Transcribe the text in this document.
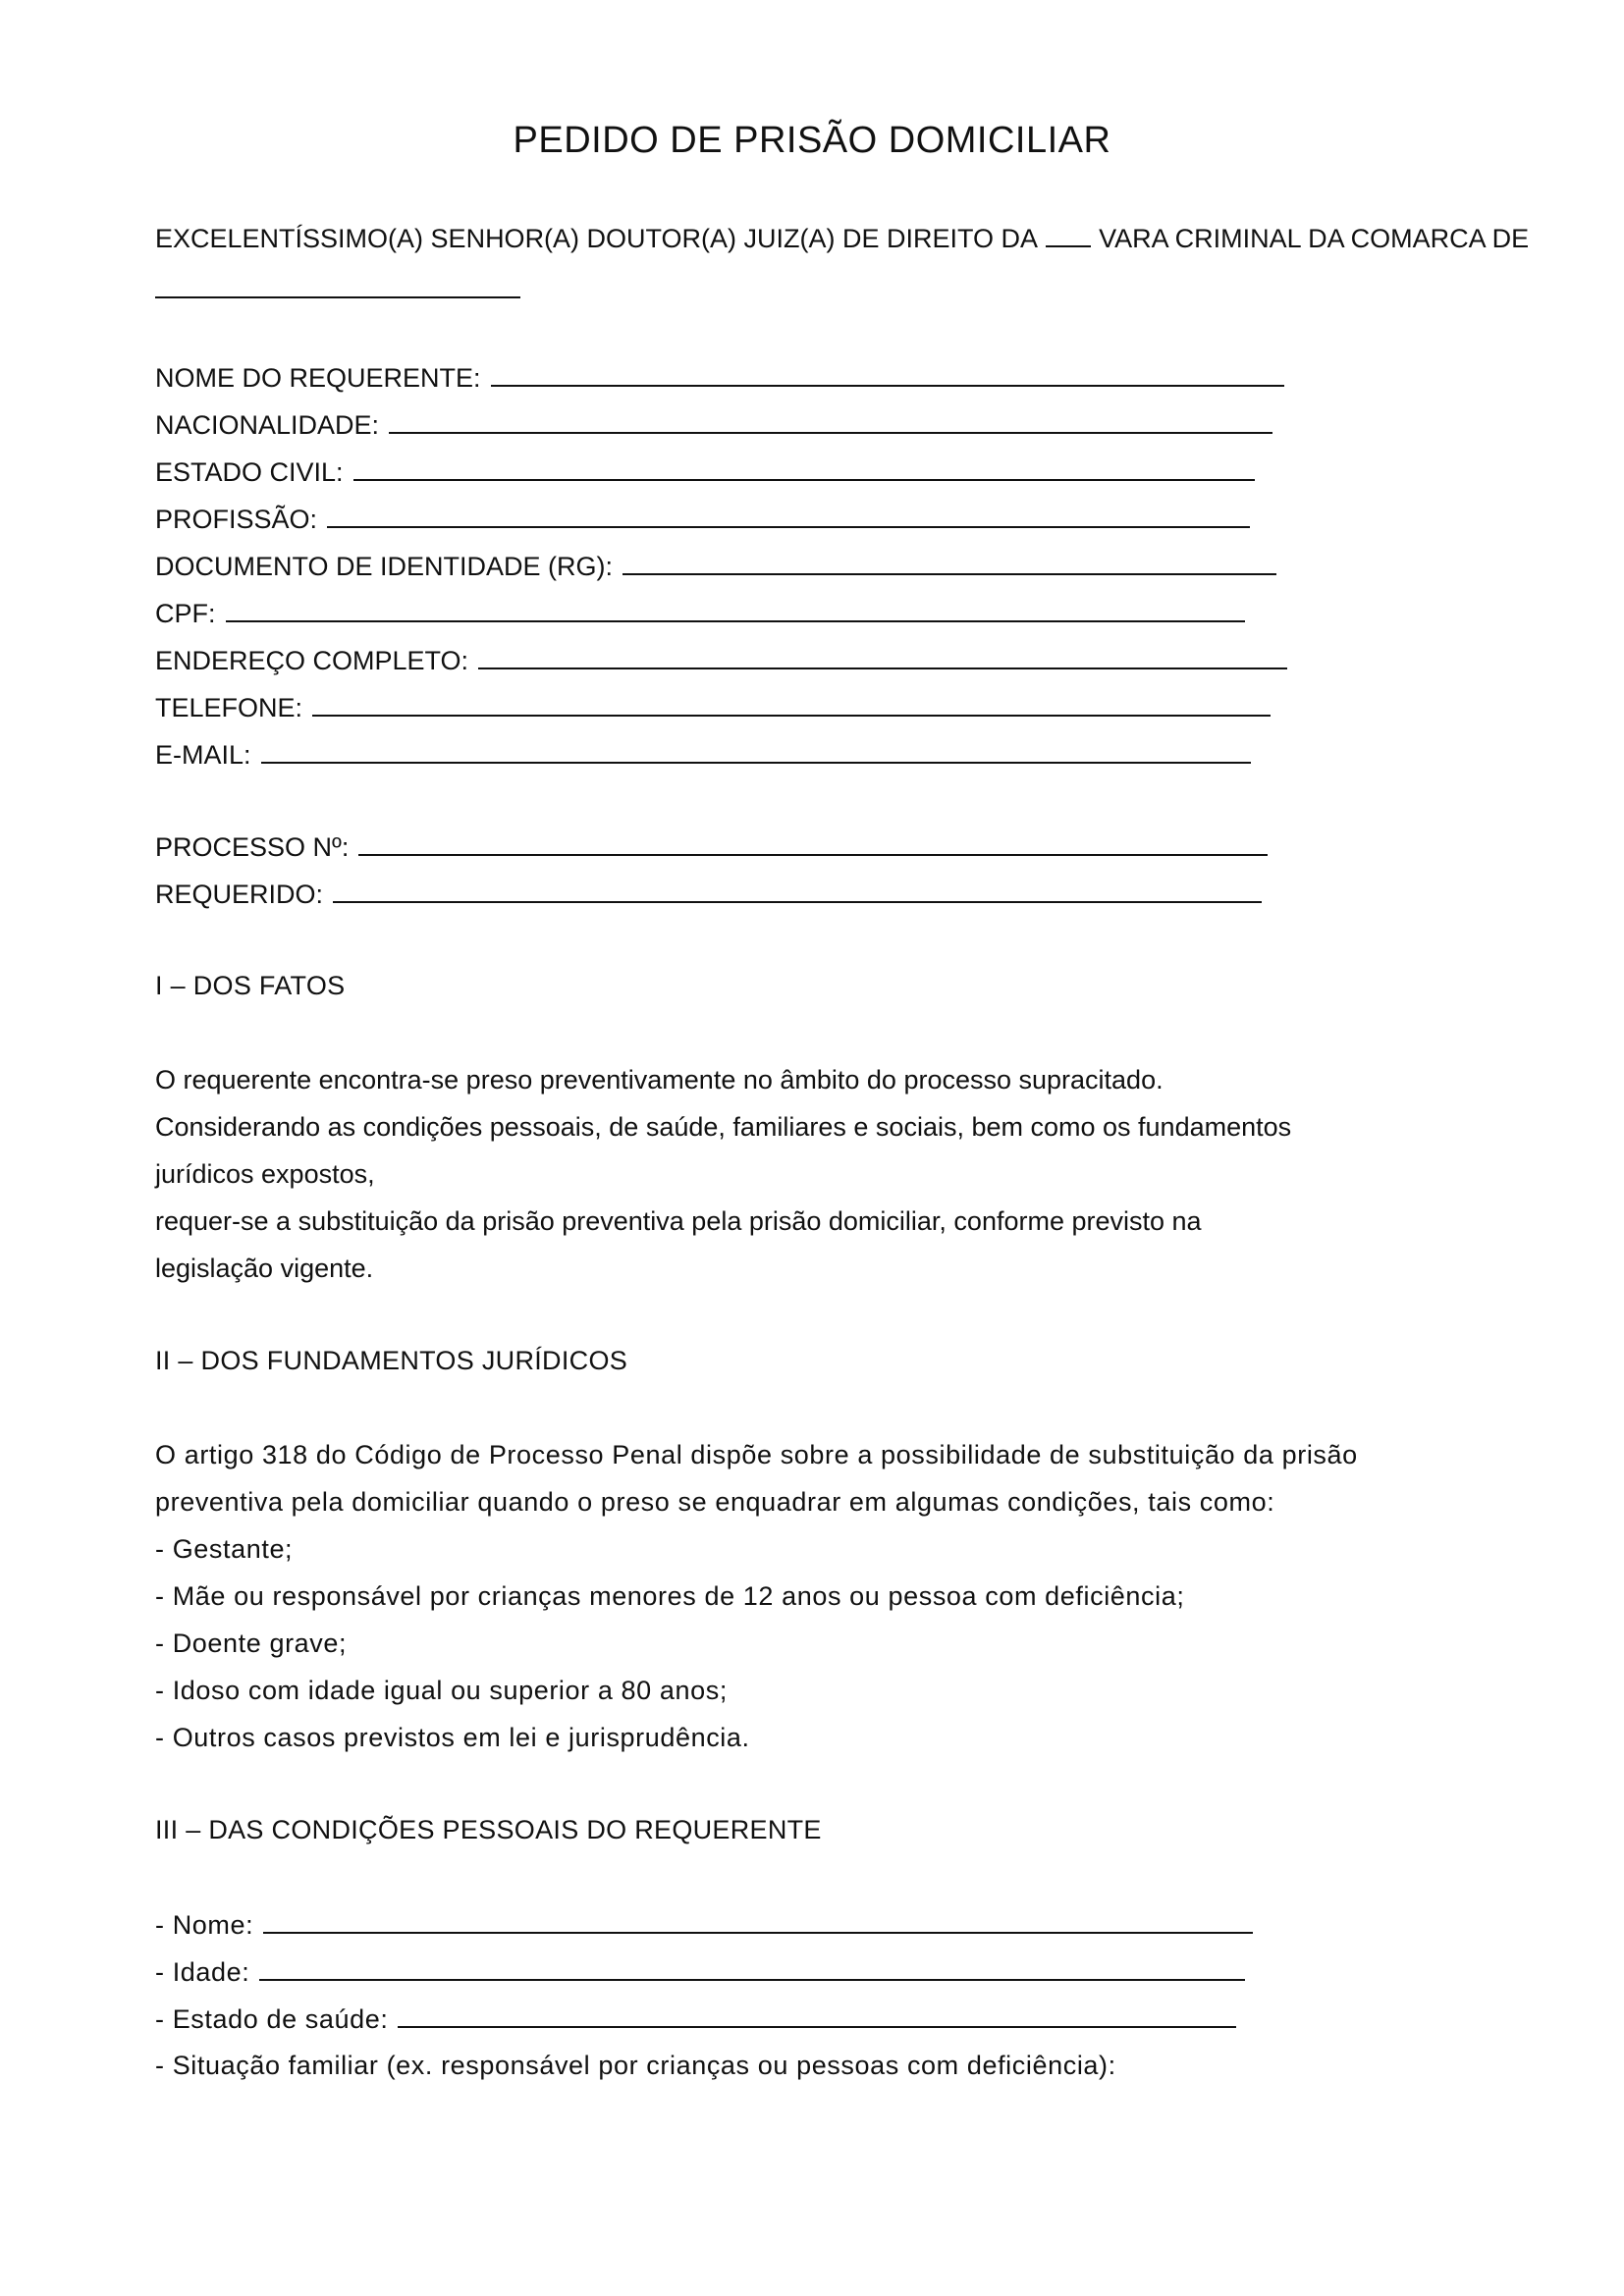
PEDIDO DE PRISÃO DOMICILIAR
EXCELENTÍSSIMO(A) SENHOR(A) DOUTOR(A) JUIZ(A) DE DIREITO DA VARA CRIMINAL DA COMARCA DE
NOME DO REQUERENTE:
NACIONALIDADE:
ESTADO CIVIL:
PROFISSÃO:
DOCUMENTO DE IDENTIDADE (RG):
CPF:
ENDEREÇO COMPLETO:
TELEFONE:
E-MAIL:
PROCESSO Nº:
REQUERIDO:
I – DOS FATOS
O requerente encontra-se preso preventivamente no âmbito do processo supracitado.
Considerando as condições pessoais, de saúde, familiares e sociais, bem como os fundamentos
jurídicos expostos,
requer-se a substituição da prisão preventiva pela prisão domiciliar, conforme previsto na
legislação vigente.
II – DOS FUNDAMENTOS JURÍDICOS
O artigo 318 do Código de Processo Penal dispõe sobre a possibilidade de substituição da prisão
preventiva pela domiciliar quando o preso se enquadrar em algumas condições, tais como:
- Gestante;
- Mãe ou responsável por crianças menores de 12 anos ou pessoa com deficiência;
- Doente grave;
- Idoso com idade igual ou superior a 80 anos;
- Outros casos previstos em lei e jurisprudência.
III – DAS CONDIÇÕES PESSOAIS DO REQUERENTE
- Nome:
- Idade:
- Estado de saúde:
- Situação familiar (ex. responsável por crianças ou pessoas com deficiência):
